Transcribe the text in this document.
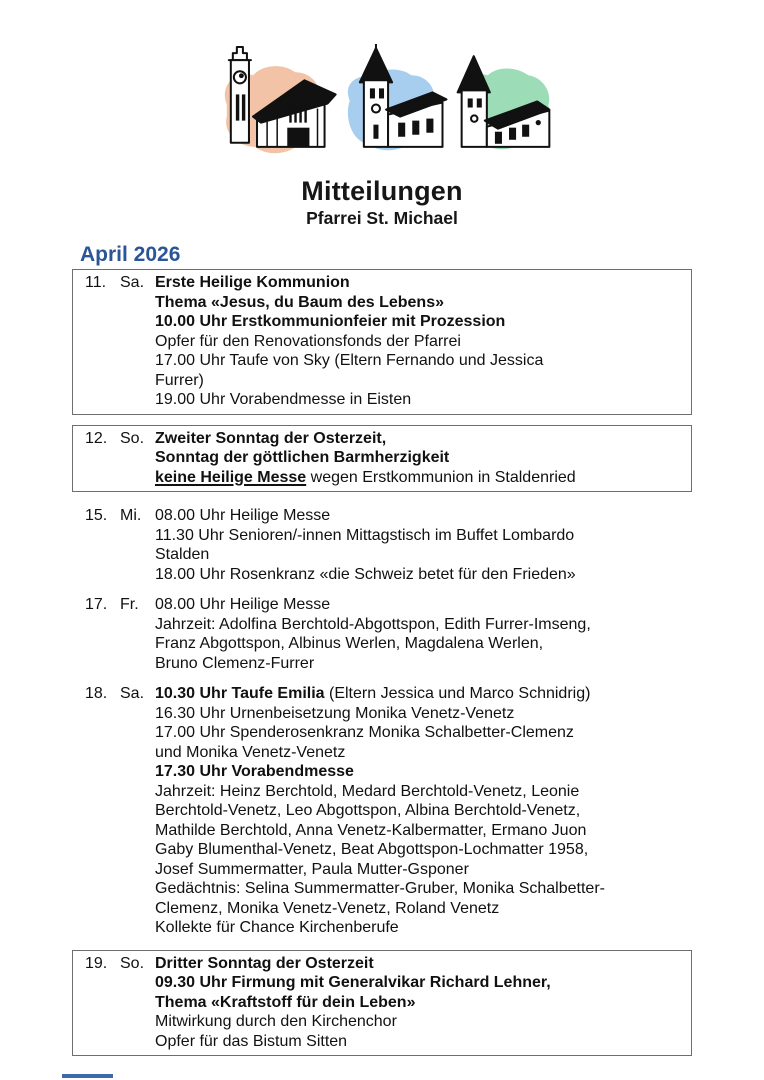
Mitteilungen
Pfarrei St. Michael
April 2026
11. Sa. Erste Heilige Kommunion
Thema «Jesus, du Baum des Lebens»
10.00 Uhr Erstkommunionfeier mit Prozession
Opfer für den Renovationsfonds der Pfarrei
17.00 Uhr Taufe von Sky (Eltern Fernando und Jessica
Furrer)
19.00 Uhr Vorabendmesse in Eisten
12. So. Zweiter Sonntag der Osterzeit,
Sonntag der göttlichen Barmherzigkeit
keine Heilige Messe wegen Erstkommunion in Staldenried
15. Mi. 08.00 Uhr Heilige Messe
11.30 Uhr Senioren/-innen Mittagstisch im Buffet Lombardo
Stalden
18.00 Uhr Rosenkranz «die Schweiz betet für den Frieden»
17. Fr.	08.00 Uhr Heilige Messe
Jahrzeit: Adolfina Berchtold-Abgottspon, Edith Furrer-Imseng,
Franz Abgottspon, Albinus Werlen, Magdalena Werlen,
Bruno Clemenz-Furrer
18. Sa. 10.30 Uhr Taufe Emilia (Eltern Jessica und Marco Schnidrig)
16.30 Uhr Urnenbeisetzung Monika Venetz-Venetz
17.00 Uhr Spenderosenkranz Monika Schalbetter-Clemenz
und Monika Venetz-Venetz
17.30 Uhr Vorabendmesse
Jahrzeit: Heinz Berchtold, Medard Berchtold-Venetz, Leonie
Berchtold-Venetz, Leo Abgottspon, Albina Berchtold-Venetz,
Mathilde Berchtold, Anna Venetz-Kalbermatter, Ermano Juon
Gaby Blumenthal-Venetz, Beat Abgottspon-Lochmatter 1958,
Josef Summermatter, Paula Mutter-Gsponer
Gedächtnis: Selina Summermatter-Gruber, Monika Schalbetter-
Clemenz, Monika Venetz-Venetz, Roland Venetz
Kollekte für Chance Kirchenberufe
19. So. Dritter Sonntag der Osterzeit
09.30 Uhr Firmung mit Generalvikar Richard Lehner,
Thema «Kraftstoff für dein Leben»
Mitwirkung durch den Kirchenchor
Opfer für das Bistum Sitten
